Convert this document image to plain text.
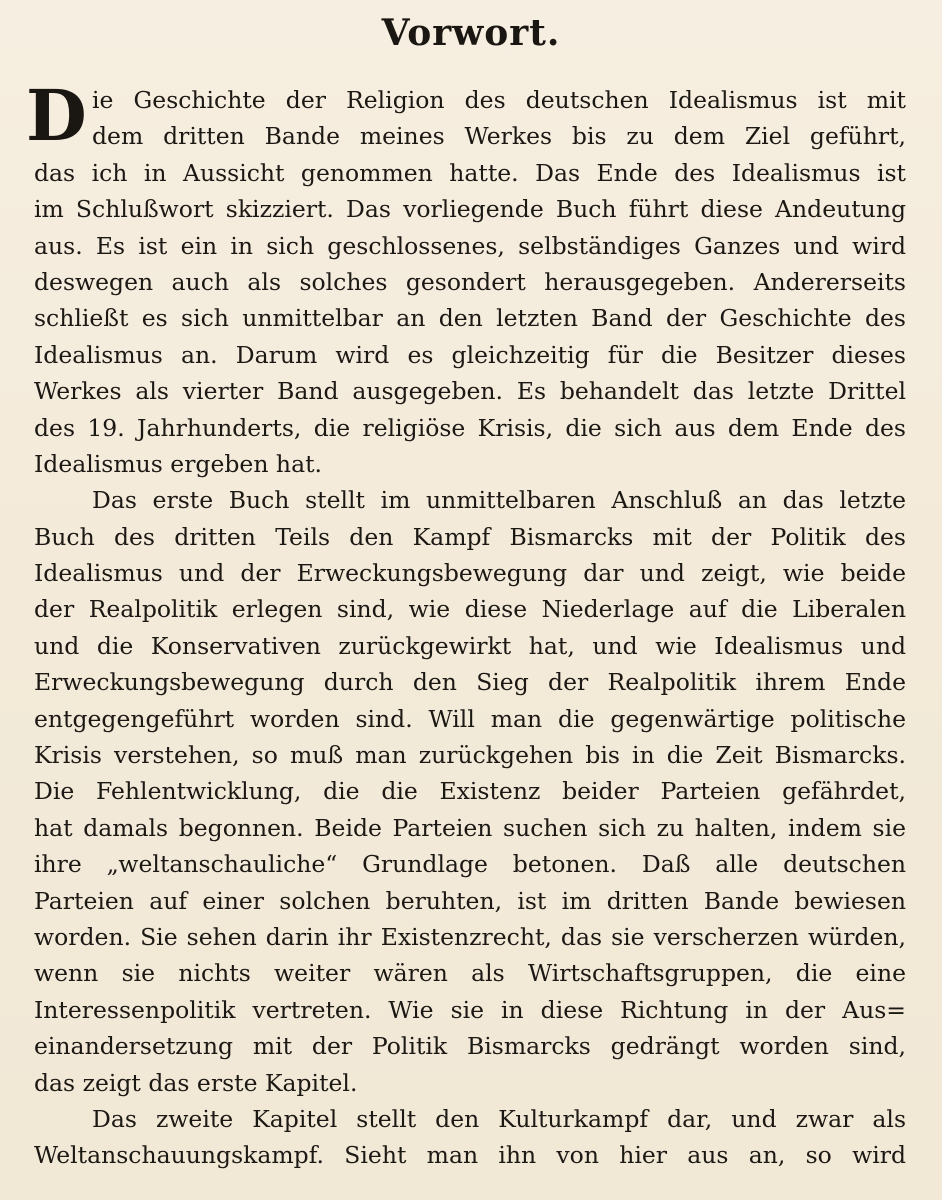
Vorwort.
D ie Geschichte der Religion des deutschen Idealismus ist mit
dem dritten Bande meines Werkes bis zu dem Ziel geführt,
das ich in Aussicht genommen hatte. Das Ende des Idealismus ist
im Schlußwort skizziert. Das vorliegende Buch führt diese Andeutung
aus. Es ist ein in sich geschlossenes, selbständiges Ganzes und wird
deswegen auch als solches gesondert herausgegeben. Andererseits
schließt es sich unmittelbar an den letzten Band der Geschichte des
Idealismus an. Darum wird es gleichzeitig für die Besitzer dieses
Werkes als vierter Band ausgegeben. Es behandelt das letzte Drittel
des 19. Jahrhunderts, die religiöse Krisis, die sich aus dem Ende des
Idealismus ergeben hat.
Das erste Buch stellt im unmittelbaren Anschluß an das letzte
Buch des dritten Teils den Kampf Bismarcks mit der Politik des
Idealismus und der Erweckungsbewegung dar und zeigt, wie beide
der Realpolitik erlegen sind, wie diese Niederlage auf die Liberalen
und die Konservativen zurückgewirkt hat, und wie Idealismus und
Erweckungsbewegung durch den Sieg der Realpolitik ihrem Ende
entgegengeführt worden sind. Will man die gegenwärtige politische
Krisis verstehen, so muß man zurückgehen bis in die Zeit Bismarcks.
Die Fehlentwicklung, die die Existenz beider Parteien gefährdet,
hat damals begonnen. Beide Parteien suchen sich zu halten, indem sie
ihre „weltanschauliche“ Grundlage betonen. Daß alle deutschen
Parteien auf einer solchen beruhten, ist im dritten Bande bewiesen
worden. Sie sehen darin ihr Existenzrecht, das sie verscherzen würden,
wenn sie nichts weiter wären als Wirtschaftsgruppen, die eine
Interessenpolitik vertreten. Wie sie in diese Richtung in der Aus=
einandersetzung mit der Politik Bismarcks gedrängt worden sind,
das zeigt das erste Kapitel.
Das zweite Kapitel stellt den Kulturkampf dar, und zwar als
Weltanschauungskampf. Sieht man ihn von hier aus an, so wird
